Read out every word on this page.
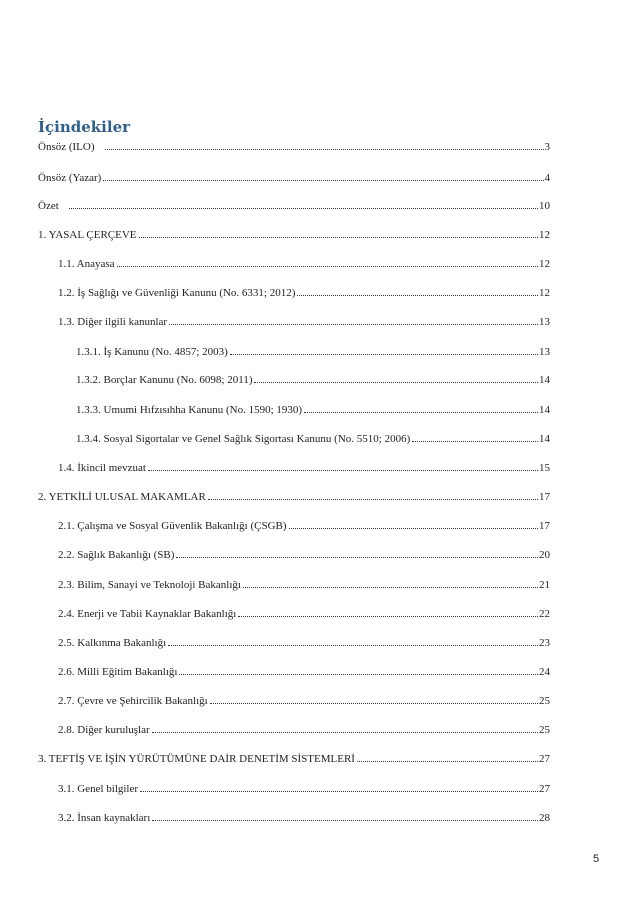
İçindekiler
Önsöz (ILO)	3
Önsöz (Yazar)	4
Özet	10
1. YASAL ÇERÇEVE	12
1.1. Anayasa	12
1.2. İş Sağlığı ve Güvenliği Kanunu (No. 6331; 2012)	12
1.3. Diğer ilgili kanunlar	13
1.3.1. İş Kanunu (No. 4857; 2003)	13
1.3.2. Borçlar Kanunu (No. 6098; 2011)	14
1.3.3. Umumi Hıfzısıhha Kanunu (No. 1590; 1930)	14
1.3.4. Sosyal Sigortalar ve Genel Sağlık Sigortası Kanunu (No. 5510; 2006)	14
1.4. İkincil mevzuat	15
2. YETKİLİ ULUSAL MAKAMLAR	17
2.1. Çalışma ve Sosyal Güvenlik Bakanlığı (ÇSGB)	17
2.2. Sağlık Bakanlığı (SB)	20
2.3. Bilim, Sanayi ve Teknoloji Bakanlığı	21
2.4. Enerji ve Tabii Kaynaklar Bakanlığı	22
2.5. Kalkınma Bakanlığı	23
2.6. Milli Eğitim Bakanlığı	24
2.7. Çevre ve Şehircilik Bakanlığı	25
2.8. Diğer kuruluşlar	25
3. TEFTİŞ VE İŞİN YÜRÜTÜMÜNE DAİR DENETİM SİSTEMLERİ	27
3.1. Genel bilgiler	27
3.2. İnsan kaynakları	28
5
